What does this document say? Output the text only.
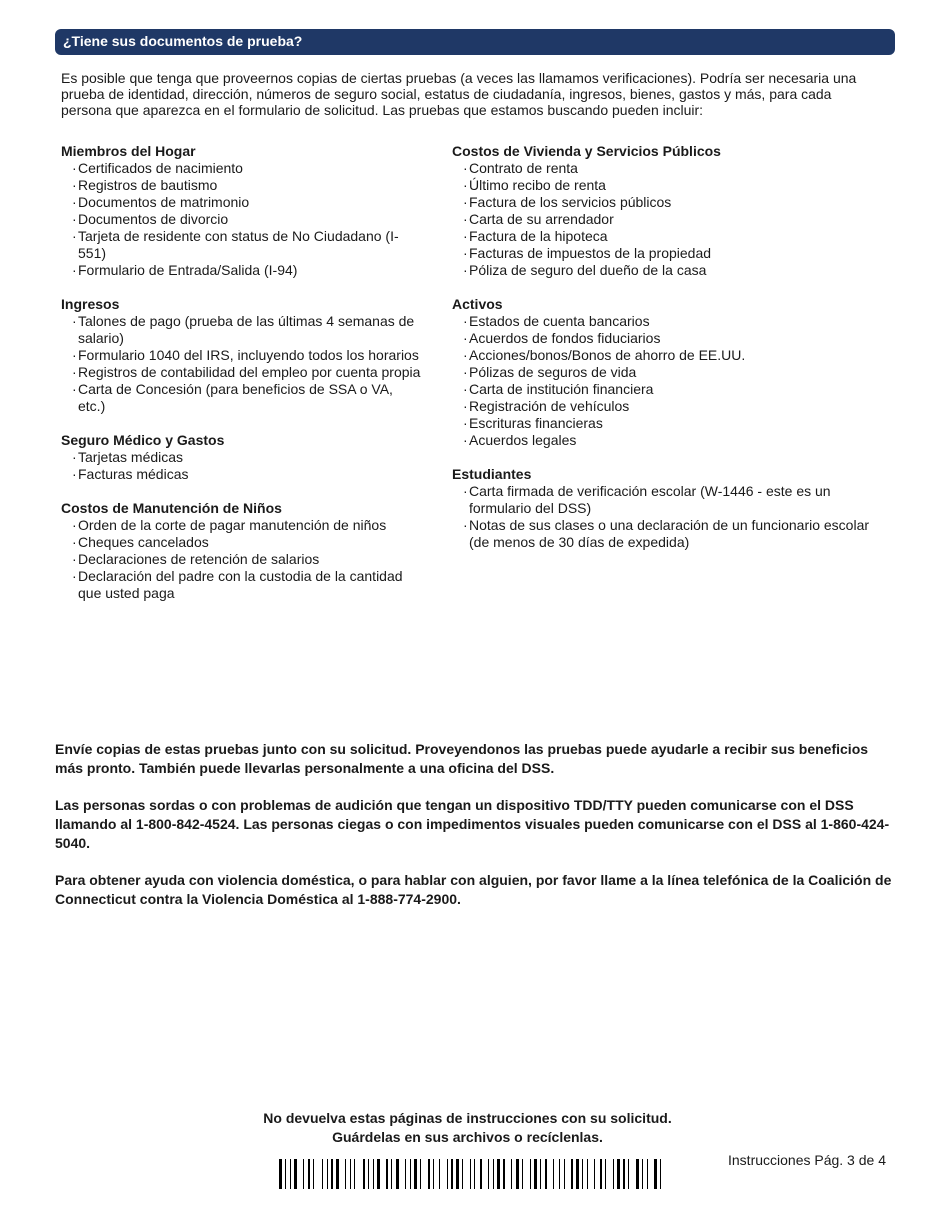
¿Tiene sus documentos de prueba?
Es posible que tenga que proveernos copias de ciertas pruebas (a veces las llamamos verificaciones). Podría ser necesaria una prueba de identidad, dirección, números de seguro social, estatus de ciudadanía, ingresos, bienes, gastos y más, para cada persona que aparezca en el formulario de solicitud. Las pruebas que estamos buscando pueden incluir:
Miembros del Hogar
· Certificados de nacimiento
· Registros de bautismo
· Documentos de matrimonio
· Documentos de divorcio
· Tarjeta de residente con status de No Ciudadano (I-551)
· Formulario de Entrada/Salida (I-94)
Ingresos
· Talones de pago (prueba de las últimas 4 semanas de salario)
· Formulario 1040 del IRS, incluyendo todos los horarios
· Registros de contabilidad del empleo por cuenta propia
· Carta de Concesión (para beneficios de SSA o VA, etc.)
Seguro Médico y Gastos
· Tarjetas médicas
· Facturas médicas
Costos de Manutención de Niños
· Orden de la corte de pagar manutención de niños
· Cheques cancelados
· Declaraciones de retención de salarios
· Declaración del padre con la custodia de la cantidad que usted paga
Costos de Vivienda y Servicios Públicos
· Contrato de renta
· Último recibo de renta
· Factura de los servicios públicos
· Carta de su arrendador
· Factura de la hipoteca
· Facturas de impuestos de la propiedad
· Póliza de seguro del dueño de la casa
Activos
· Estados de cuenta bancarios
· Acuerdos de fondos fiduciarios
· Acciones/bonos/Bonos de ahorro de EE.UU.
· Pólizas de seguros de vida
· Carta de institución financiera
· Registración de vehículos
· Escrituras financieras
· Acuerdos legales
Estudiantes
· Carta firmada de verificación escolar (W-1446 - este es un formulario del DSS)
· Notas de sus clases o una declaración de un funcionario escolar (de menos de 30 días de expedida)

Envíe copias de estas pruebas junto con su solicitud. Proveyendonos las pruebas puede ayudarle a recibir sus beneficios más pronto. También puede llevarlas personalmente a una oficina del DSS.

Las personas sordas o con problemas de audición que tengan un dispositivo TDD/TTY pueden comunicarse con el DSS llamando al 1-800-842-4524. Las personas ciegas o con impedimentos visuales pueden comunicarse con el DSS al 1-860-424-5040.

Para obtener ayuda con violencia doméstica, o para hablar con alguien, por favor llame a la línea telefónica de la Coalición de Connecticut contra la Violencia Doméstica al 1-888-774-2900.

No devuelva estas páginas de instrucciones con su solicitud.
Guárdelas en sus archivos o recíclenlas.
Instrucciones Pág. 3 de 4
